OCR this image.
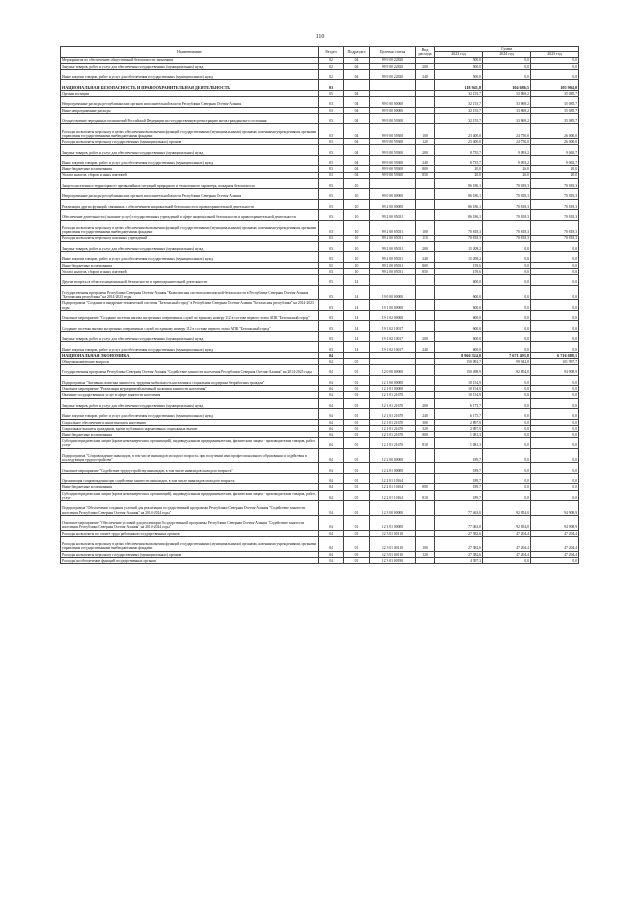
110
Наименование	Раздел	Подраздел	Целевая статья	Вид расхода	Сумма		
					2023 год	2024 год	2025 год
Мероприятия по обеспечению общественной безопасности экономики	02	04	99 9 00 22820		500,0	0,0	0,0
Закупка товаров, работ и услуг для обеспечения государственных (муниципальных) нужд	02	04	99 9 00 22820	200	500,0	0,0	0,0
Иные закупки товаров, работ и услуг для обеспечения государственных (муниципальных) нужд	02	04	99 9 00 22820	240	500,0	0,0	0,0
НАЦИОНАЛЬНАЯ БЕЗОПАСНОСТЬ И ПРАВООХРАНИТЕЛЬНАЯ ДЕЯТЕЛЬНОСТЬ	03				118 941,8	104 686,5	105 904,0
Органы юстиции	03	04			32 155,7	33 869,2	35 085,7
Непрограммные расходы республиканских органов исполнительной власти Республики Северная Осетия-Алания	03	04	99 0 00 00000		32 155,7	33 869,2	35 085,7
Иные непрограммные расходы	03	04	99 9 00 00000		32 155,7	33 869,2	35 085,7
Осуществление переданных полномочий Российской Федерации на государственную регистрацию актов гражданского состояния	03	04	99 9 00 59300		32 155,7	33 869,2	35 085,7
Расходы на выплаты персоналу в целях обеспечения выполнения функций государственными (муниципальными) органами, казенными учреждениями, органами управления государственными внебюджетными фондами	03	04	99 9 00 59300	100	23 400,0	24 750,0	26 000,0
Расходы на выплаты персоналу государственных (муниципальных) органов	03	04	99 9 00 59300	120	23 400,0	24 750,0	26 000,0
Закупка товаров, работ и услуг для обеспечения государственных (муниципальных) нужд	03	04	99 9 00 59300	200	8 735,7	9 093,2	9 065,7
Иные закупки товаров, работ и услуг для обеспечения государственных (муниципальных) нужд	03	04	99 9 00 59300	240	8 735,7	9 093,2	9 065,7
Иные бюджетные ассигнования	03	04	99 9 00 59300	800	20,0	26,0	20,0
Уплата налогов, сборов и иных платежей	03	04	99 9 00 59300	850	20,0	26,0	20,0
Защита населения и территории от чрезвычайных ситуаций природного и техногенного характера, пожарная безопасность	03	10			86 186,1	70 818,3	70 818,3
Непрограммные расходы республиканских органов исполнительной власти Республики Северная Осетия-Алания	03	10	99 0 00 00000		86 186,1	70 818,3	70 818,3
Реализация других функций, связанных с обеспечением национальной безопасности и правоохранительной деятельности	03	10	99 2 00 00000		86 186,1	70 818,3	70 818,3
Обеспечение деятельности (оказание услуг) государственных учреждений в сфере национальной безопасности и правоохранительной деятельности	03	10	99 2 00 05031		86 186,1	70 818,3	70 818,3
Расходы на выплаты персоналу в целях обеспечения выполнения функций государственными (муниципальными) органами, казенными учреждениями, органами управления государственными внебюджетными фондами	03	10	99 2 00 05031	100	70 818,3	70 818,3	70 818,3
Расходы на выплаты персоналу казенных учреждений	03	10	99 2 00 05031	110	70 818,3	70 818,3	70 818,3
Закупка товаров, работ и услуг для обеспечения государственных (муниципальных) нужд	03	10	99 2 00 05031	200	15 208,2	0,0	0,0
Иные закупки товаров, работ и услуг для обеспечения государственных (муниципальных) нужд	03	10	99 2 00 05031	240	15 208,2	0,0	0,0
Иные бюджетные ассигнования	03	10	99 2 00 05031	800	159,6	0,0	0,0
Уплата налогов, сборов и иных платежей	03	10	99 2 00 05031	850	159,6	0,0	0,0
Другие вопросы в области национальной безопасности и правоохранительной деятельности	03	14			600,0	0,0	0,0
Государственная программа Республики Северная Осетия-Алания "Комплексная система комплексной безопасности в Республике Северная Осетия-Алания "Безопасная республика" на 2014-2023 годы	03	14	19 0 00 00000		600,0	0,0	0,0
Подпрограмма "Создание и внедрение технической системы "Безопасный город" в Республике Северная Осетия-Алания "Безопасная республика" на 2014-2023 годы	03	14	19 1 00 00000		600,0	0,0	0,0
Основное мероприятие "Создание системы вызова экстренных оперативных служб по единому номеру 112 в составе первого этапа АПК "Безопасный город"	03	14	19 1 02 00000		600,0	0,0	0,0
Создание системы вызова экстренных оперативных служб по единому номеру 112 в составе первого этапа АПК "Безопасный город"	03	14	19 1 02 10017		600,0	0,0	0,0
Закупка товаров, работ и услуг для обеспечения государственных (муниципальных) нужд	03	14	19 1 02 10017	200	600,0	0,0	0,0
Иные закупки товаров, работ и услуг для обеспечения государственных (муниципальных) нужд	03	14	19 1 02 10017	240	600,0	0,0	0,0
НАЦИОНАЛЬНАЯ ЭКОНОМИКА	04				8 966 324,0	7 671 493,8	6 716 688,1
Общеэкономические вопросы	04	01			150 092,7	99 942,8	101 997,7
Государственная программа Республики Северная Осетия-Алания "Содействие занятости населения Республики Северная Осетия-Алания" на 2014-2025 годы	04	01	12 0 00 00000		150 498,9	92 854,0	94 908,9
Подпрограмма "Активная политика занятости, трудовая мобильность населения и социальная поддержка безработных граждан"	04	01	12 1 00 00000		10 154,9	0,0	0,0
Основное мероприятие "Реализация мероприятий активной политики занятости населения"	04	01	12 1 01 00000		10 154,9	0,0	0,0
Оказание государственных услуг в сфере занятости населения	04	01	12 1 01 21670		10 154,9	0,0	0,0
Закупка товаров, работ и услуг для обеспечения государственных (муниципальных) нужд	04	01	12 1 01 21670	200	6 175,7	0,0	0,0
Иные закупки товаров, работ и услуг для обеспечения государственных (муниципальных) нужд	04	01	12 1 01 21670	240	6 175,7	0,0	0,0
Социальное обеспечение и иные выплаты населению	04	01	12 1 01 21670	300	2 897,9	0,0	0,0
Социальные выплаты гражданам, кроме публичных нормативных социальных выплат	04	01	12 1 01 21670	320	2 897,9	0,0	0,0
Иные бюджетные ассигнования	04	01	12 1 01 21670	800	1 081,3	0,0	0,0
Субсидии юридическим лицам (кроме некоммерческих организаций), индивидуальным предпринимателям, физическим лицам - производителям товаров, работ, услуг	04	01	12 1 01 21670	810	1 081,3	0,0	0,0
Подпрограмма "Сопровождение инвалидов, в том числе инвалидов молодого возраста, при получении ими профессионального образования и содействия в последующем трудоустройстве"	04	01	12 2 00 00000		189,7	0,0	0,0
Основное мероприятие "Содействие трудоустройству инвалидов, в том числе инвалидов молодого возраста"	04	01	12 2 01 00000		189,7	0,0	0,0
Организация сопровождения при содействии занятости инвалидов, в том числе инвалидов молодого возраста	04	01	12 2 01 10164		189,7	0,0	0,0
Иные бюджетные ассигнования	04	01	12 2 01 10164	800	189,7	0,0	0,0
Субсидии юридическим лицам (кроме некоммерческих организаций), индивидуальным предпринимателям, физическим лицам - производителям товаров, работ, услуг	04	01	12 2 01 10164	810	189,7	0,0	0,0
Подпрограмма "Обеспечение создания условий для реализации государственной программы Республики Северная Осетия-Алания "Содействие занятости населения Республики Северная Осетия-Алания" на 2014-2024 годы"	04	01	12 3 00 00000		77 463,0	92 854,0	94 908,9
Основное мероприятие "Обеспечение условий для реализации Государственной программы Республики Северная Осетия-Алания "Содействие занятости населения Республики Северная Осетия-Алания" на 2014-2024 годы"	04	01	12 3 01 00000		77 463,0	92 854,0	94 908,9
Расходы на выплаты по оплате труда работников государственных органов	04	01	12 3 01 00110		27 382,6	47 204,4	47 204,4
Расходы на выплаты персоналу в целях обеспечения выполнения функций государственными (муниципальными) органами, казенными учреждениями, органами управления государственными внебюджетными фондами	04	01	12 3 01 00110	100	27 382,6	47 204,4	47 204,4
Расходы на выплаты персоналу государственных (муниципальных) органов	04	01	12 3 01 00110	120	27 382,6	47 204,4	47 204,4
Расходы на обеспечение функций государственных органов	04	01	12 3 01 00190		4 397,3	0,0	0,0
